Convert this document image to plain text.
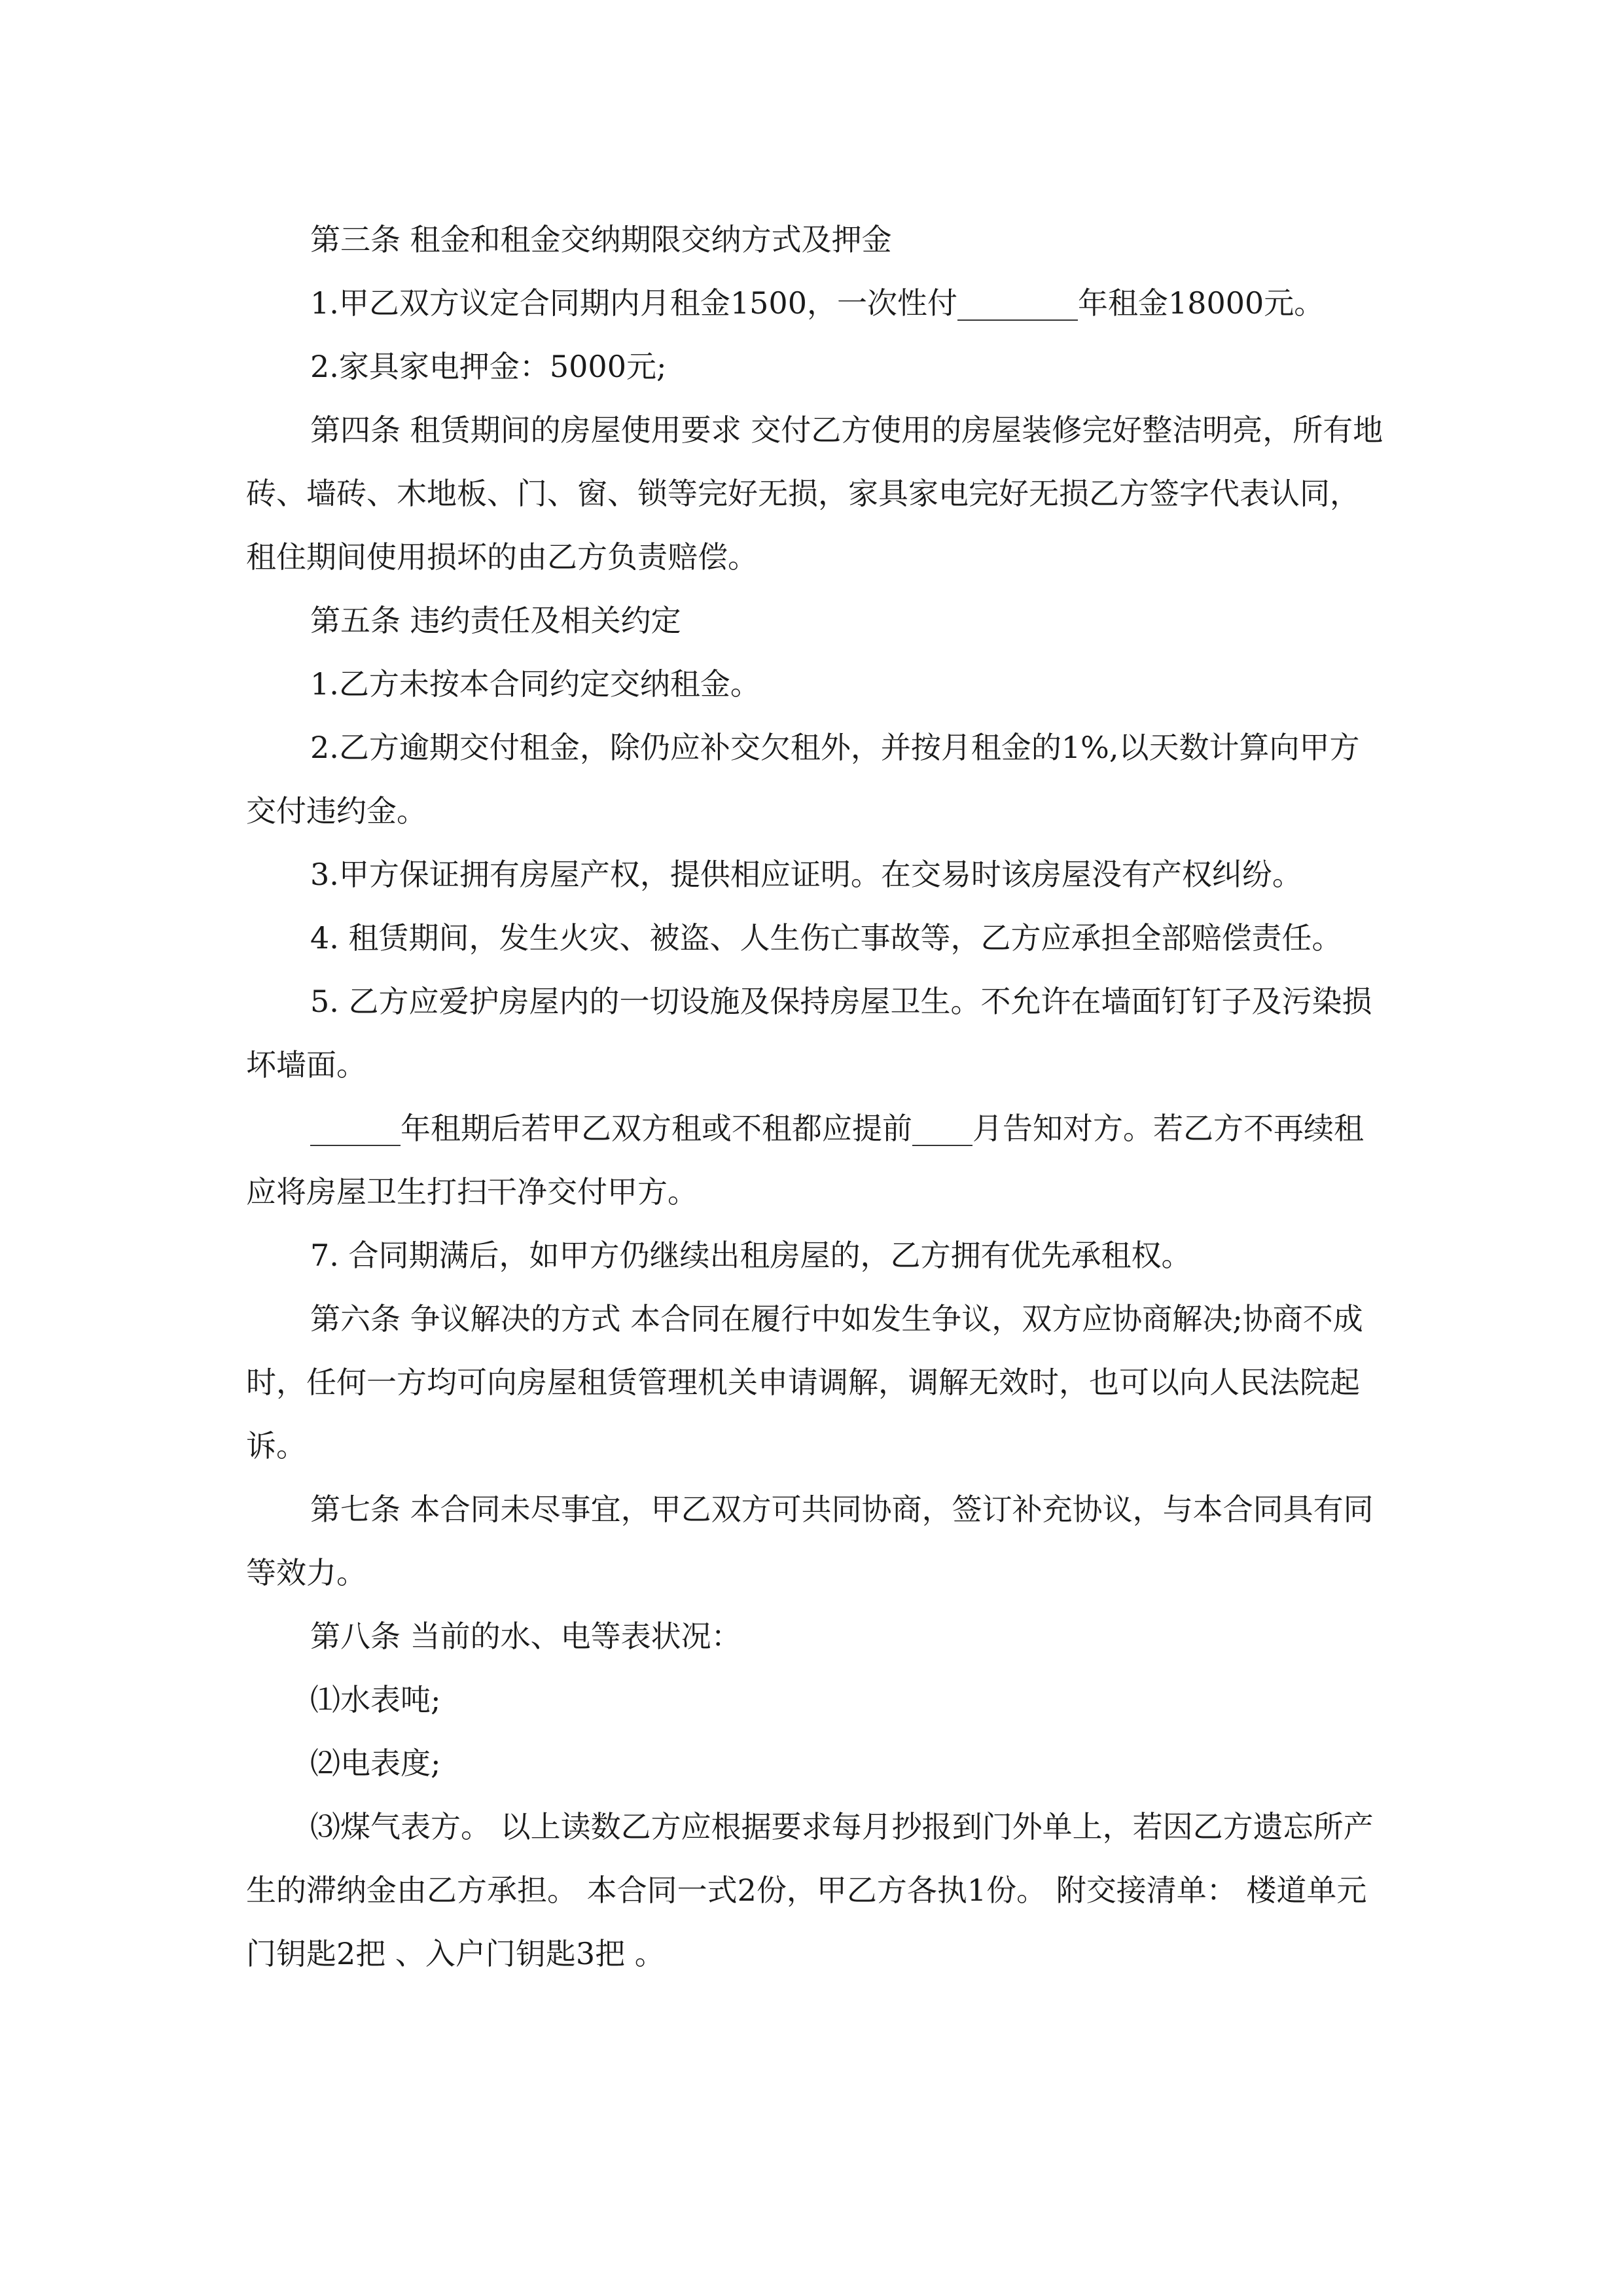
第三条 租金和租金交纳期限交纳方式及押金

1.甲乙双方议定合同期内月租金1500，一次性付________年租金18000元。

2.家具家电押金：5000元;

第四条 租赁期间的房屋使用要求 交付乙方使用的房屋装修完好整洁明亮，所有地砖、墙砖、木地板、门、窗、锁等完好无损，家具家电完好无损乙方签字代表认同，租住期间使用损坏的由乙方负责赔偿。

第五条 违约责任及相关约定

1.乙方未按本合同约定交纳租金。

2.乙方逾期交付租金，除仍应补交欠租外，并按月租金的1%,以天数计算向甲方交付违约金。

3.甲方保证拥有房屋产权，提供相应证明。在交易时该房屋没有产权纠纷。

4. 租赁期间，发生火灾、被盗、人生伤亡事故等，乙方应承担全部赔偿责任。

5. 乙方应爱护房屋内的一切设施及保持房屋卫生。不允许在墙面钉钉子及污染损坏墙面。

______年租期后若甲乙双方租或不租都应提前____月告知对方。若乙方不再续租应将房屋卫生打扫干净交付甲方。

7. 合同期满后，如甲方仍继续出租房屋的，乙方拥有优先承租权。

第六条 争议解决的方式 本合同在履行中如发生争议，双方应协商解决;协商不成时，任何一方均可向房屋租赁管理机关申请调解，调解无效时，也可以向人民法院起诉。

第七条 本合同未尽事宜，甲乙双方可共同协商，签订补充协议，与本合同具有同等效力。

第八条 当前的水、电等表状况：

⑴水表吨;

⑵电表度;

⑶煤气表方。 以上读数乙方应根据要求每月抄报到门外单上，若因乙方遗忘所产生的滞纳金由乙方承担。 本合同一式2份，甲乙方各执1份。 附交接清单： 楼道单元门钥匙2把 、入户门钥匙3把 。
